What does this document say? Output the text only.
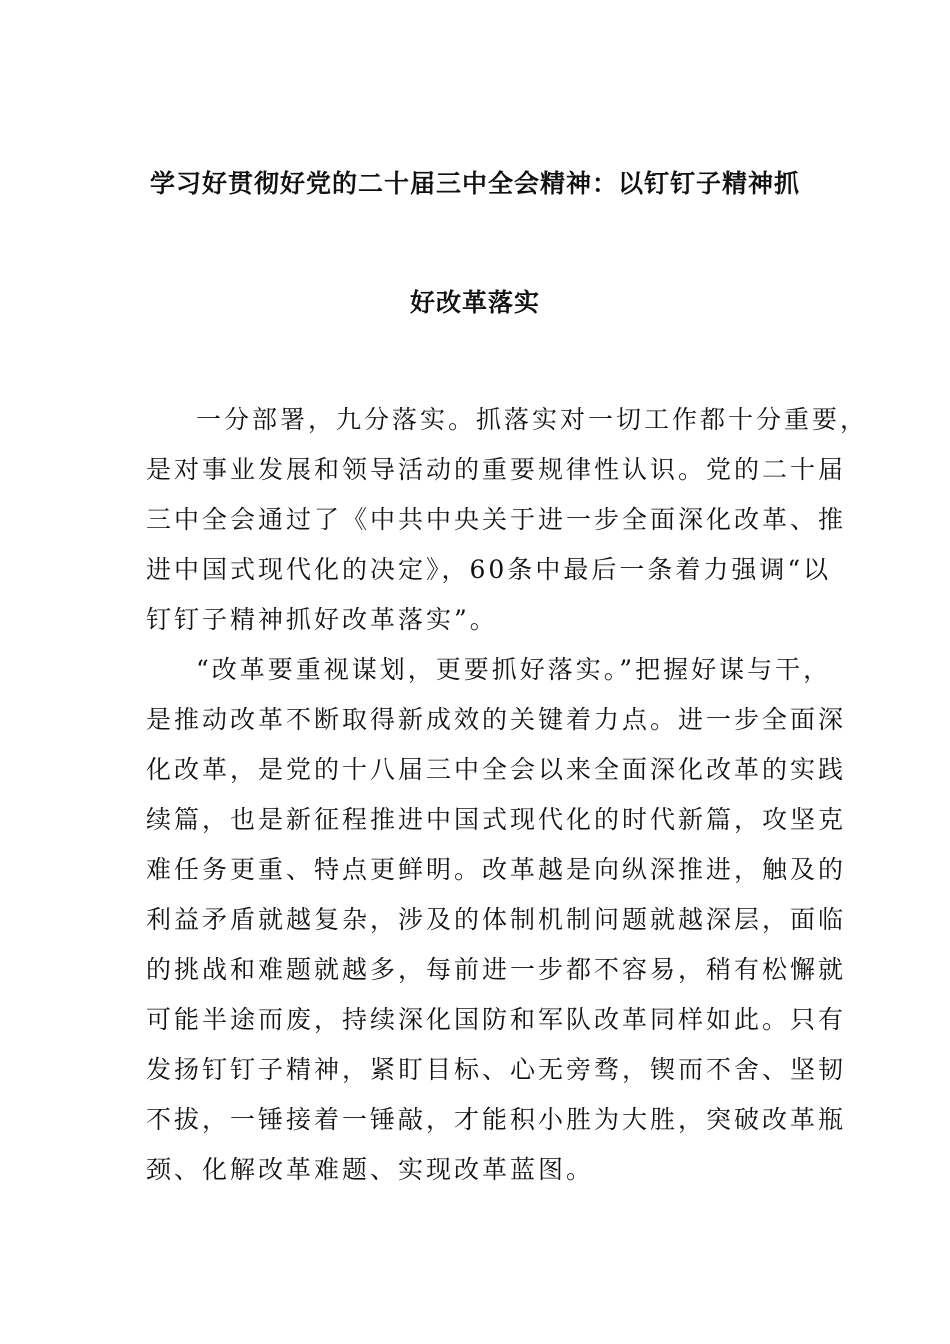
学习好贯彻好党的二十届三中全会精神：以钉钉子精神抓
好改革落实
一分部署，九分落实。抓落实对一切工作都十分重要，
是对事业发展和领导活动的重要规律性认识。党的二十届
三中全会通过了《中共中央关于进一步全面深化改革、推
进中国式现代化的决定》，60条中最后一条着力强调“以
钉钉子精神抓好改革落实”。
“改革要重视谋划，更要抓好落实。”把握好谋与干，
是推动改革不断取得新成效的关键着力点。进一步全面深
化改革，是党的十八届三中全会以来全面深化改革的实践
续篇，也是新征程推进中国式现代化的时代新篇，攻坚克
难任务更重、特点更鲜明。改革越是向纵深推进，触及的
利益矛盾就越复杂，涉及的体制机制问题就越深层，面临
的挑战和难题就越多，每前进一步都不容易，稍有松懈就
可能半途而废，持续深化国防和军队改革同样如此。只有
发扬钉钉子精神，紧盯目标、心无旁骛，锲而不舍、坚韧
不拔，一锤接着一锤敲，才能积小胜为大胜，突破改革瓶
颈、化解改革难题、实现改革蓝图。
